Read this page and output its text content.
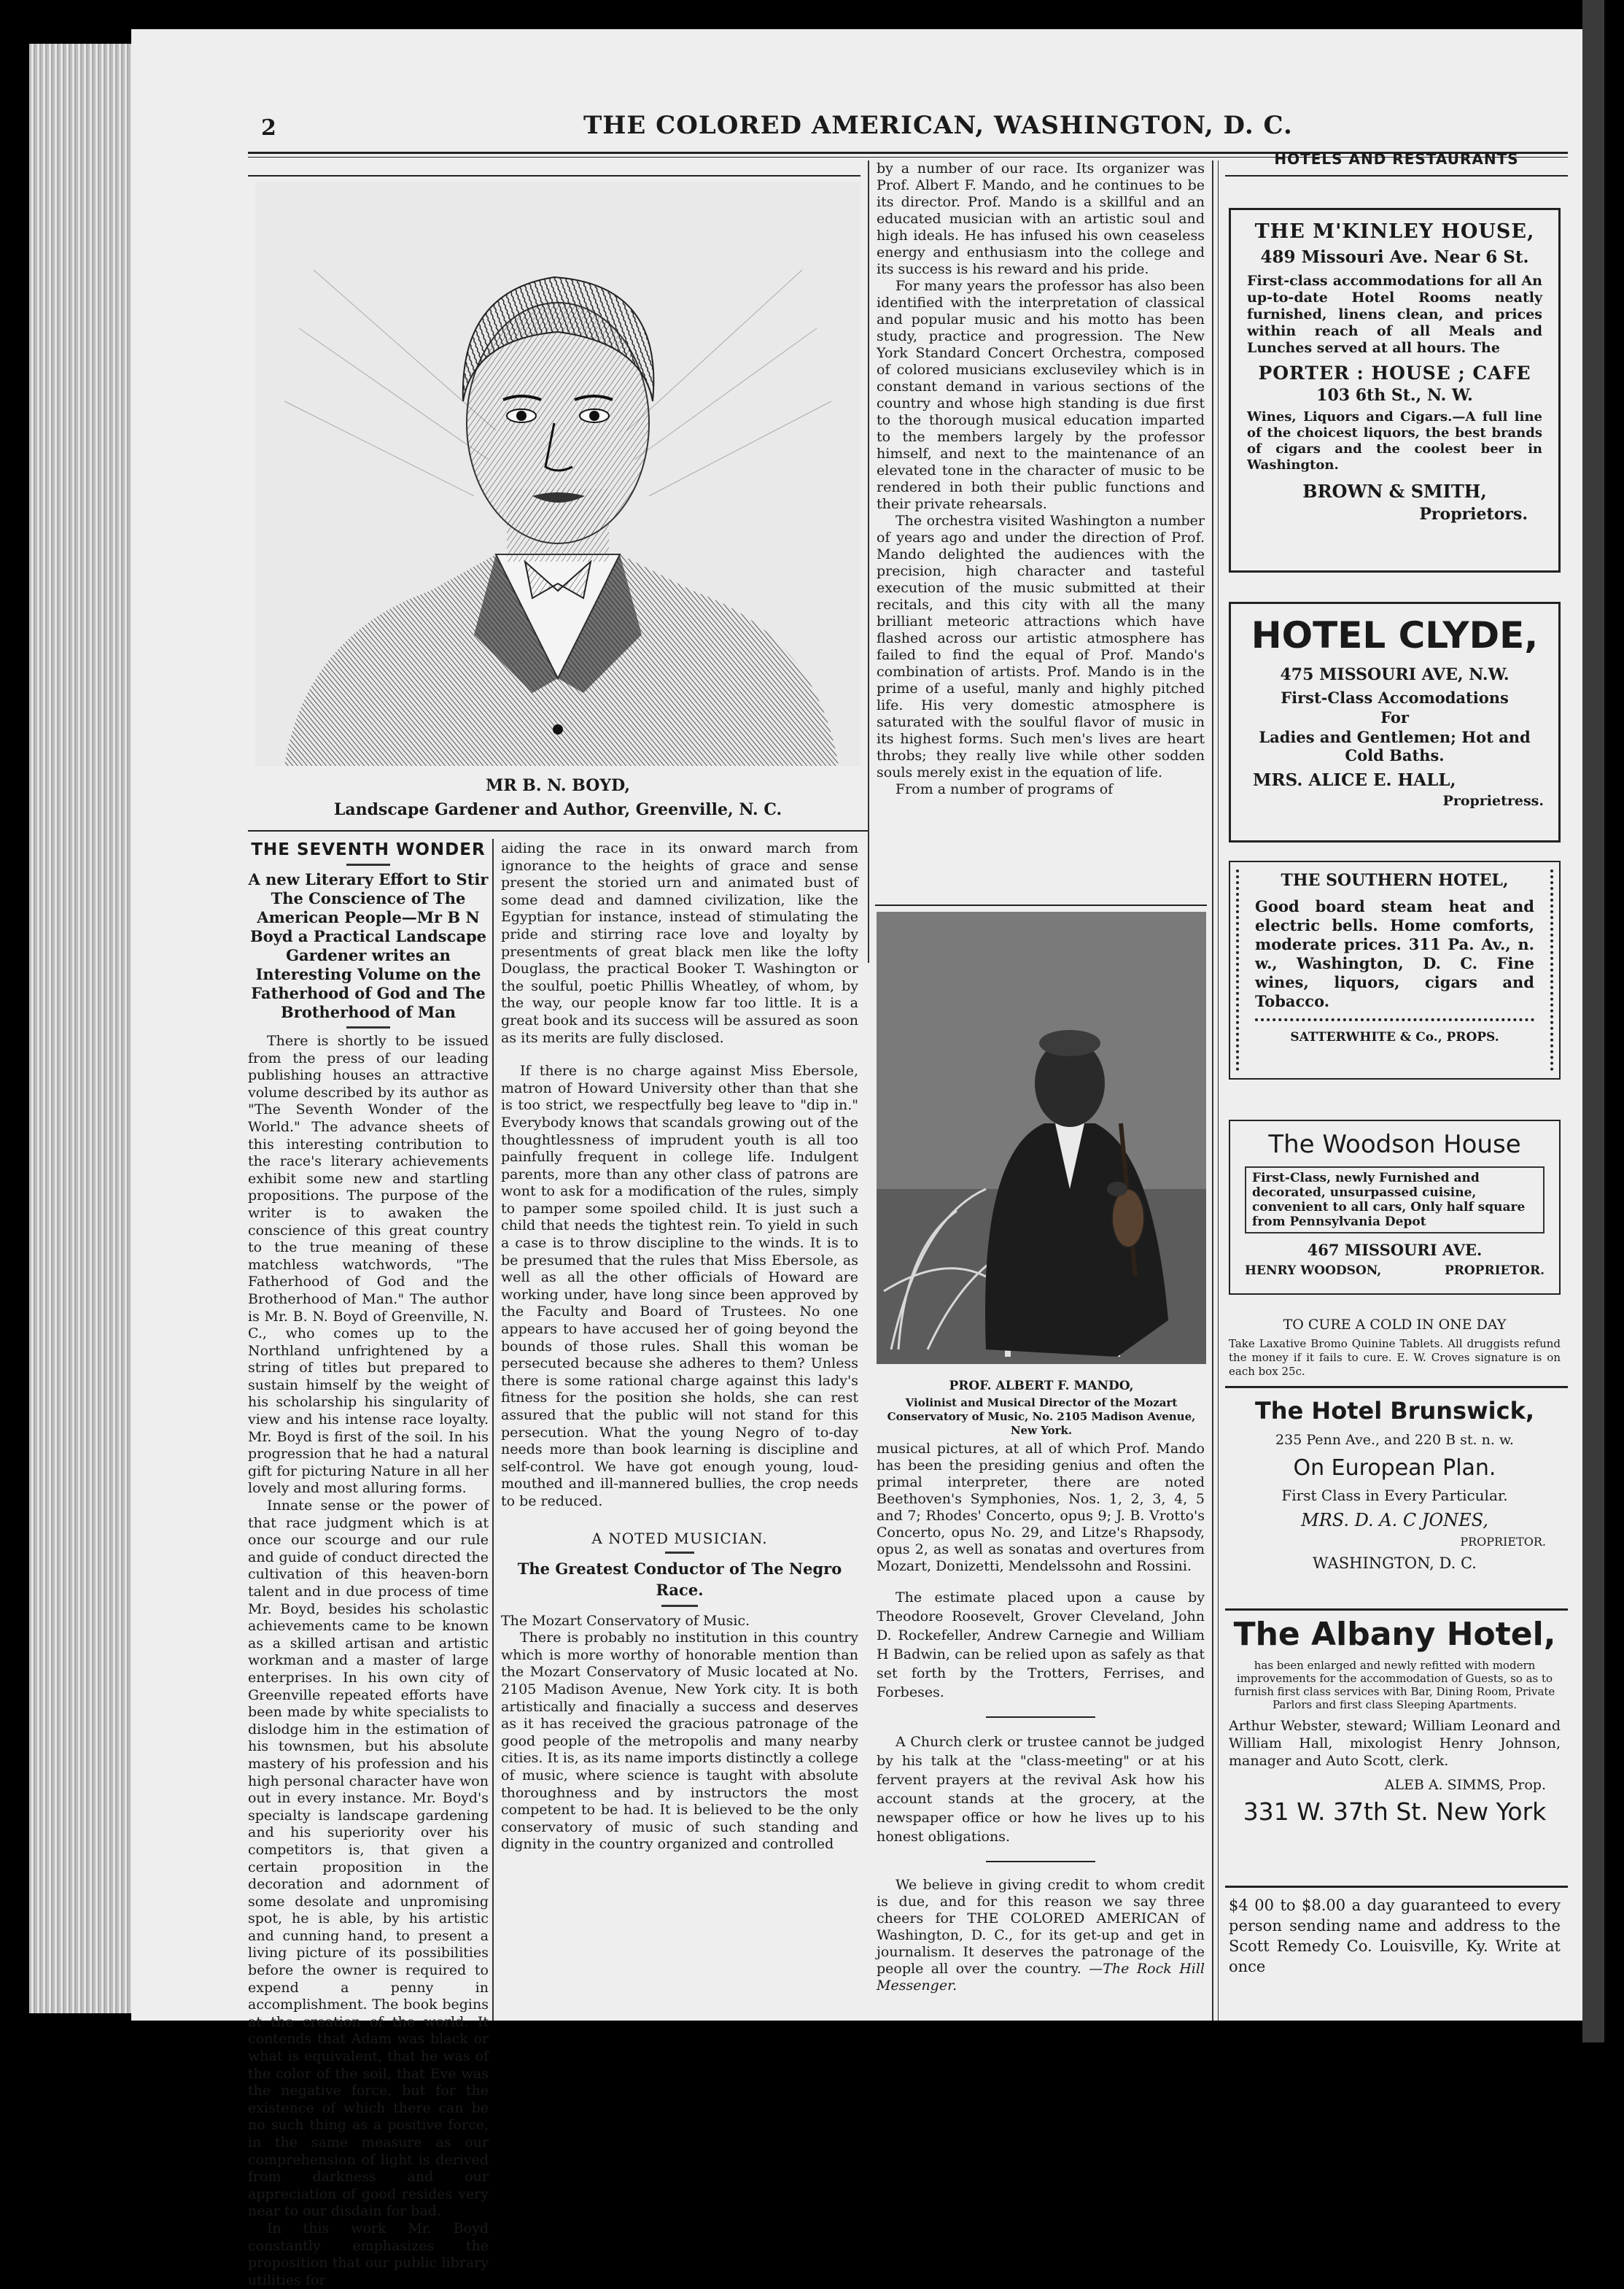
2	THE COLORED AMERICAN, WASHINGTON, D. C.
MR B. N. BOYD,
Landscape Gardener and Author, Greenville, N. C.
THE SEVENTH WONDER
A new Literary Effort to Stir The Conscience of The American People—Mr B N Boyd a Practical Landscape Gardener writes an Interesting Volume on the Fatherhood of God and The Brotherhood of Man

There is shortly to be issued from the press of our leading publishing houses an attractive volume described by its author as "The Seventh Wonder of the World." The advance sheets of this interesting contribution to the race's literary achievements exhibit some new and startling propositions. The purpose of the writer is to awaken the conscience of this great country to the true meaning of these matchless watchwords, "The Fatherhood of God and the Brotherhood of Man." The author is Mr. B. N. Boyd of Greenville, N. C., who comes up to the Northland unfrightened by a string of titles but prepared to sustain himself by the weight of his scholarship his singularity of view and his intense race loyalty. Mr. Boyd is first of the soil. In his progression that he had a natural gift for picturing Nature in all her lovely and most alluring forms.

Innate sense or the power of that race judgment which is at once our scourge and our rule and guide of conduct directed the cultivation of this heaven-born talent and in due process of time Mr. Boyd, besides his scholastic achievements came to be known as a skilled artisan and artistic workman and a master of large enterprises. In his own city of Greenville repeated efforts have been made by white specialists to dislodge him in the estimation of his townsmen, but his absolute mastery of his profession and his high personal character have won out in every instance. Mr. Boyd's specialty is landscape gardening and his superiority over his competitors is, that given a certain proposition in the decoration and adornment of some desolate and unpromising spot, he is able, by his artistic and cunning hand, to present a living picture of its possibilities before the owner is required to expend a penny in accomplishment. The book begins at the creation of the world. It contends that Adam was black or what is equivalent, that he was of the color of the soil, that Eve was the negative force, but for the existence of which there can be no such thing as a positive force, in the same measure as our comprehension of light is derived from darkness and our appreciation of good resides very near to our disdain for bad.

In this work Mr. Boyd constantly emphasizes the proposition that our public library utilities for

aiding the race in its onward march from ignorance to the heights of grace and sense present the storied urn and animated bust of some dead and damned civilization, like the Egyptian for instance, instead of stimulating the pride and stirring race love and loyalty by presentments of great black men like the lofty Douglass, the practical Booker T. Washington or the soulful, poetic Phillis Wheatley, of whom, by the way, our people know far too little. It is a great book and its success will be assured as soon as its merits are fully disclosed.

If there is no charge against Miss Ebersole, matron of Howard University other than that she is too strict, we respectfully beg leave to "dip in." Everybody knows that scandals growing out of the thoughtlessness of imprudent youth is all too painfully frequent in college life. Indulgent parents, more than any other class of patrons are wont to ask for a modification of the rules, simply to pamper some spoiled child. It is just such a child that needs the tightest rein. To yield in such a case is to throw discipline to the winds. It is to be presumed that the rules that Miss Ebersole, as well as all the other officials of Howard are working under, have long since been approved by the Faculty and Board of Trustees. No one appears to have accused her of going beyond the bounds of those rules. Shall this woman be persecuted because she adheres to them? Unless there is some rational charge against this lady's fitness for the position she holds, she can rest assured that the public will not stand for this persecution. What the young Negro of to-day needs more than book learning is discipline and self-control. We have got enough young, loud-mouthed and ill-mannered bullies, the crop needs to be reduced.

A NOTED MUSICIAN.
The Greatest Conductor of The Negro Race.

The Mozart Conservatory of Music.

There is probably no institution in this country which is more worthy of honorable mention than the Mozart Conservatory of Music located at No. 2105 Madison Avenue, New York city. It is both artistically and finacially a success and deserves as it has received the gracious patronage of the good people of the metropolis and many nearby cities. It is, as its name imports distinctly a college of music, where science is taught with absolute thoroughness and by instructors the most competent to be had. It is believed to be the only conservatory of music of such standing and dignity in the country organized and controlled

by a number of our race. Its organizer was Prof. Albert F. Mando, and he continues to be its director. Prof. Mando is a skillful and an educated musician with an artistic soul and high ideals. He has infused his own ceaseless energy and enthusiasm into the college and its success is his reward and his pride.

For many years the professor has also been identified with the interpretation of classical and popular music and his motto has been study, practice and progression. The New York Standard Concert Orchestra, composed of colored musicians excluseviley which is in constant demand in various sections of the country and whose high standing is due first to the thorough musical education imparted to the members largely by the professor himself, and next to the maintenance of an elevated tone in the character of music to be rendered in both their public functions and their private rehearsals.

The orchestra visited Washington a number of years ago and under the direction of Prof. Mando delighted the audiences with the precision, high character and tasteful execution of the music submitted at their recitals, and this city with all the many brilliant meteoric attractions which have flashed across our artistic atmosphere has failed to find the equal of Prof. Mando's combination of artists. Prof. Mando is in the prime of a useful, manly and highly pitched life. His very domestic atmosphere is saturated with the soulful flavor of music in its highest forms. Such men's lives are heart throbs; they really live while other sodden souls merely exist in the equation of life.

From a number of programs of

PROF. ALBERT F. MANDO,
Violinist and Musical Director of the Mozart Conservatory of Music, No. 2105 Madison Avenue, New York.

musical pictures, at all of which Prof. Mando has been the presiding genius and often the primal interpreter, there are noted Beethoven's Symphonies, Nos. 1, 2, 3, 4, 5 and 7; Rhodes' Concerto, opus 9; J. B. Vrotto's Concerto, opus No. 29, and Litze's Rhapsody, opus 2, as well as sonatas and overtures from Mozart, Donizetti, Mendelssohn and Rossini.

The estimate placed upon a cause by Theodore Roosevelt, Grover Cleveland, John D. Rockefeller, Andrew Carnegie and William H Badwin, can be relied upon as safely as that set forth by the Trotters, Ferrises, and Forbeses.

A Church clerk or trustee cannot be judged by his talk at the "class-meeting" or at his fervent prayers at the revival Ask how his account stands at the grocery, at the newspaper office or how he lives up to his honest obligations.

We believe in giving credit to whom credit is due, and for this reason we say three cheers for THE COLORED AMERICAN of Washington, D. C., for its get-up and get in journalism. It deserves the patronage of the people all over the country. —The Rock Hill Messenger.

HOTELS AND RESTAURANTS
THE M'KINLEY HOUSE,
489 Missouri Ave. Near 6 St.
First-class accommodations for all An up-to-date Hotel Rooms neatly furnished, linens clean, and prices within reach of all Meals and Lunches served at all hours. The
PORTER : HOUSE ; CAFE
103 6th St., N. W.
Wines, Liquors and Cigars.—A full line of the choicest liquors, the best brands of cigars and the coolest beer in Washington.
BROWN & SMITH,
Proprietors.
HOTEL CLYDE,
475 MISSOURI AVE, N.W.
First-Class Accomodations
For
Ladies and Gentlemen; Hot and Cold Baths.
MRS. ALICE E. HALL,
Proprietress.
THE SOUTHERN HOTEL,
Good board steam heat and electric bells. Home comforts, moderate prices. 311 Pa. Av., n. w., Washington, D. C. Fine wines, liquors, cigars and Tobacco.
SATTERWHITE & Co., PROPS.
The Woodson House
First-Class, newly Furnished and decorated, unsurpassed cuisine, convenient to all cars, Only half square from Pennsylvania Depot
467 MISSOURI AVE.
HENRY WOODSON,	PROPRIETOR.
TO CURE A COLD IN ONE DAY
Take Laxative Bromo Quinine Tablets. All druggists refund the money if it fails to cure. E. W. Croves signature is on each box 25c.
The Hotel Brunswick,
235 Penn Ave., and 220 B st. n. w.
On European Plan.
First Class in Every Particular.
MRS. D. A. C JONES,
PROPRIETOR.
WASHINGTON, D. C.
The Albany Hotel,
has been enlarged and newly refitted with modern improvements for the accommodation of Guests, so as to furnish first class services with Bar, Dining Room, Private Parlors and first class Sleeping Apartments.
Arthur Webster, steward; William Leonard and William Hall, mixologist Henry Johnson, manager and Auto Scott, clerk.
ALEB A. SIMMS, Prop.
331 W. 37th St. New York
$4 00 to $8.00 a day guaranteed to every person sending name and address to the Scott Remedy Co. Louisville, Ky. Write at once
